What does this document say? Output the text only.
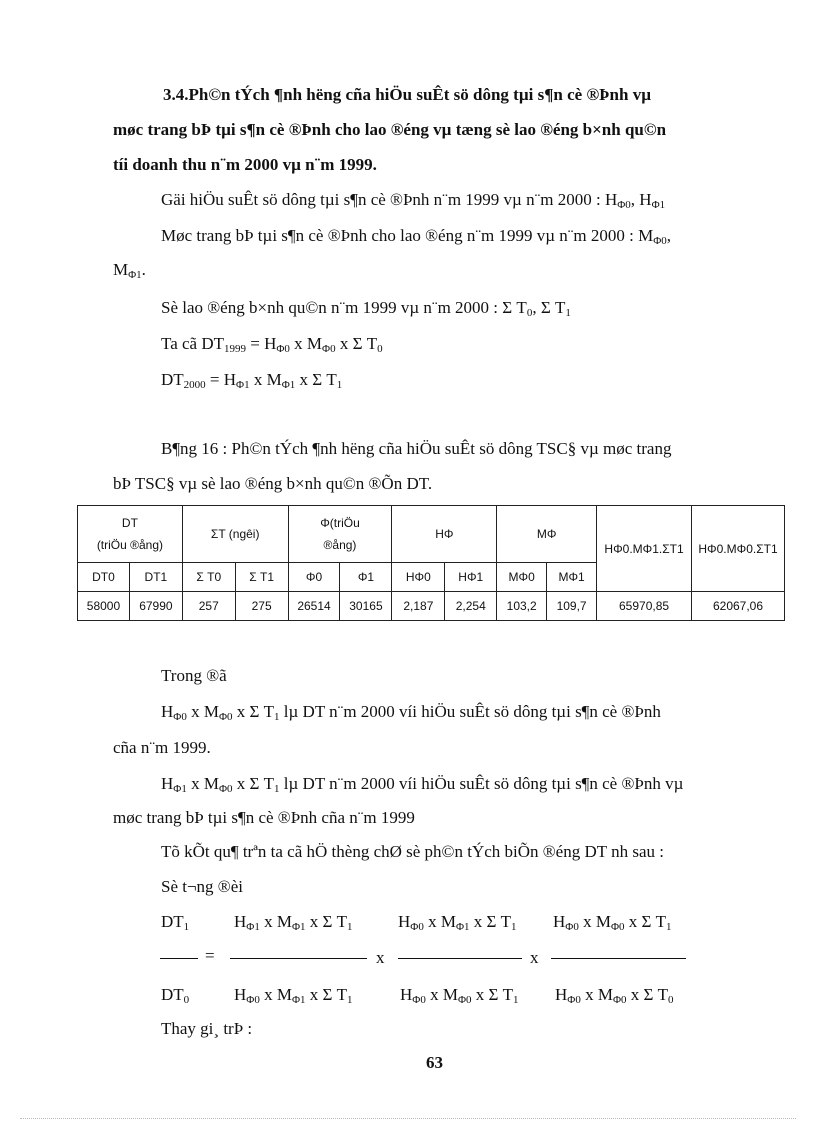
3.4.Ph©n tÝch ¶nh hëng cña hiÖu suÊt sö dông tµi s¶n cè ®Þnh vµ
møc trang bÞ tµi s¶n cè ®Þnh cho lao ®éng vµ tæng sè lao ®éng b×nh qu©n
tíi doanh thu n¨m 2000 vµ n¨m 1999.
Gäi hiÖu suÊt sö dông tµi s¶n cè ®Þnh n¨m 1999 vµ n¨m 2000 : $H_{\Phi 0}$, $H_{\Phi 1}$
Møc trang bÞ tµi s¶n cè ®Þnh cho lao ®éng n¨m 1999 vµ n¨m 2000 : $M_{\Phi 0}$,
$M_{\Phi 1}$.
Sè lao ®éng b×nh qu©n n¨m 1999 vµ n¨m 2000 : Σ $T_0$, Σ $T_1$
Ta cã $DT_{1999} = H_{\Phi 0}$ x $M_{\Phi 0}$ x Σ $T_0$
$DT_{2000} = H_{\Phi 1}$ x $M_{\Phi 1}$ x Σ $T_1$
B¶ng 16 : Ph©n tÝch ¶nh hëng cña hiÖu suÊt sö dông TSC§ vµ møc trang
bÞ TSC§ vµ sè lao ®éng b×nh qu©n ®Õn DT.
DT
(triÖu ®ång)		ΣT (ngêi)		Φ(triÖu
®ång)		HΦ		MΦ		HΦ0.MΦ1.ΣT1	HΦ0.MΦ0.ΣT1
DT0	DT1	Σ T0	Σ T1	Φ0	Φ1	HΦ0	HΦ1	MΦ0	MΦ1		
58000	67990	257	275	26514	30165	2,187	2,254	103,2	109,7	65970,85	62067,06
Trong ®ã
$H_{\Phi 0}$ x $M_{\Phi 0}$ x Σ $T_1$ lµ DT n¨m 2000 víi hiÖu suÊt sö dông tµi s¶n cè ®Þnh
cña n¨m 1999.
$H_{\Phi 1}$ x $M_{\Phi 0}$ x Σ $T_1$ lµ DT n¨m 2000 víi hiÖu suÊt sö dông tµi s¶n cè ®Þnh vµ
møc trang bÞ tµi s¶n cè ®Þnh cña n¨m 1999
Tõ kÕt qu¶ trªn ta cã hÖ thèng chØ sè ph©n tÝch biÕn ®éng DT nh sau :
Sè t¬ng ®èi
$DT_1$
=
$DT_0$
$H_{\Phi 1}$ x $M_{\Phi 1}$ x Σ $T_1$
$H_{\Phi 0}$ x $M_{\Phi 1}$ x Σ $T_1$
x
$H_{\Phi 0}$ x $M_{\Phi 1}$ x Σ $T_1$
$H_{\Phi 0}$ x $M_{\Phi 0}$ x Σ $T_1$
x
$H_{\Phi 0}$ x $M_{\Phi 0}$ x Σ $T_1$
$H_{\Phi 0}$ x $M_{\Phi 0}$ x Σ $T_0$
Thay gi¸ trÞ :
63
